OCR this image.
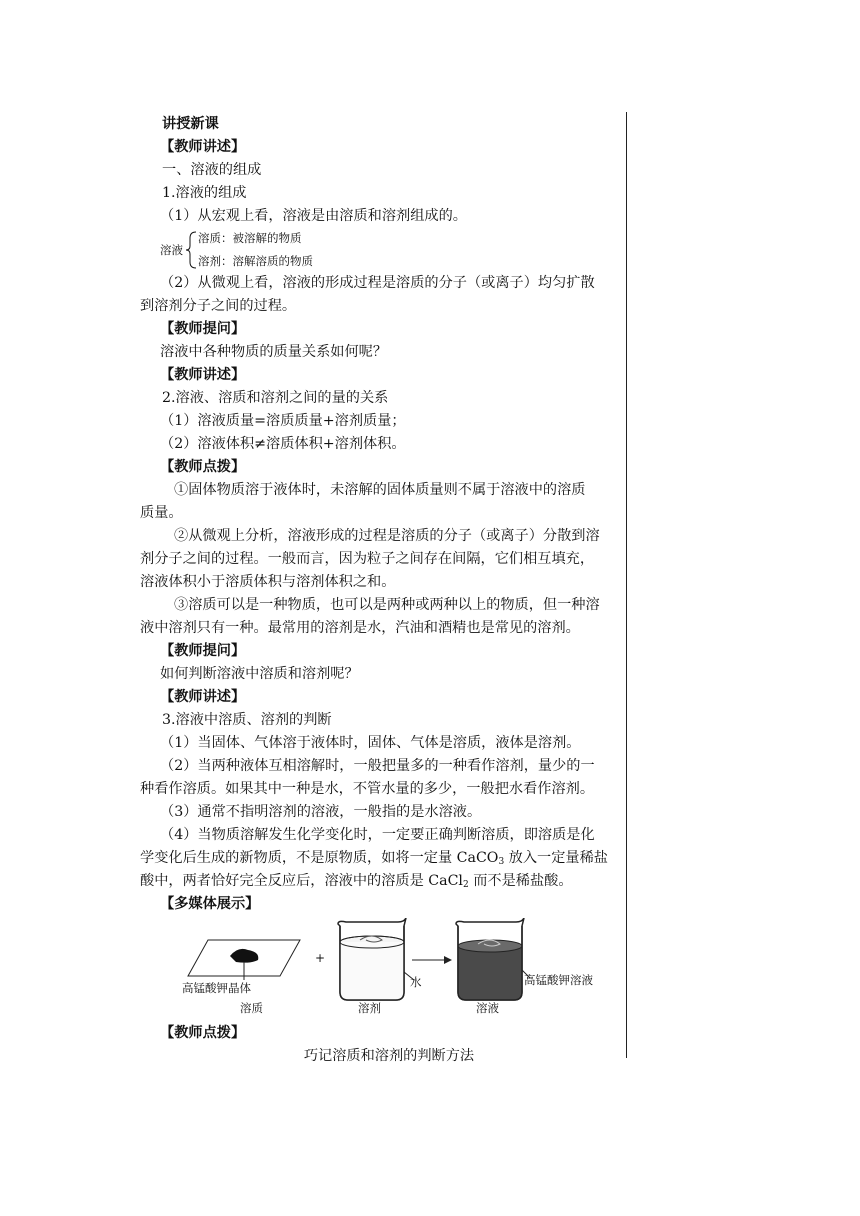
讲授新课
【教师讲述】
一、溶液的组成
1.溶液的组成
（1）从宏观上看，溶液是由溶质和溶剂组成的。
溶液
溶质：被溶解的物质
溶剂：溶解溶质的物质
（2）从微观上看，溶液的形成过程是溶质的分子（或离子）均匀扩散
到溶剂分子之间的过程。
【教师提问】
溶液中各种物质的质量关系如何呢？
【教师讲述】
2.溶液、溶质和溶剂之间的量的关系
（1）溶液质量=溶质质量+溶剂质量；
（2）溶液体积≠溶质体积+溶剂体积。
【教师点拨】
①固体物质溶于液体时，未溶解的固体质量则不属于溶液中的溶质
质量。
②从微观上分析，溶液形成的过程是溶质的分子（或离子）分散到溶
剂分子之间的过程。一般而言，因为粒子之间存在间隔，它们相互填充，
溶液体积小于溶质体积与溶剂体积之和。
③溶质可以是一种物质，也可以是两种或两种以上的物质，但一种溶
液中溶剂只有一种。最常用的溶剂是水，汽油和酒精也是常见的溶剂。
【教师提问】
如何判断溶液中溶质和溶剂呢？
【教师讲述】
3.溶液中溶质、溶剂的判断
（1）当固体、气体溶于液体时，固体、气体是溶质，液体是溶剂。
（2）当两种液体互相溶解时，一般把量多的一种看作溶剂，量少的一
种看作溶质。如果其中一种是水，不管水量的多少，一般把水看作溶剂。
（3）通常不指明溶剂的溶液，一般指的是水溶液。
（4）当物质溶解发生化学变化时，一定要正确判断溶质，即溶质是化
学变化后生成的新物质，不是原物质，如将一定量 CaCO$_3$ 放入一定量稀盐
酸中，两者恰好完全反应后，溶液中的溶质是 CaCl$_2$ 而不是稀盐酸。
【多媒体展示】
高锰酸钾晶体
溶质
+
水
溶剂
高锰酸钾溶液
溶液
【教师点拨】
巧记溶质和溶剂的判断方法
